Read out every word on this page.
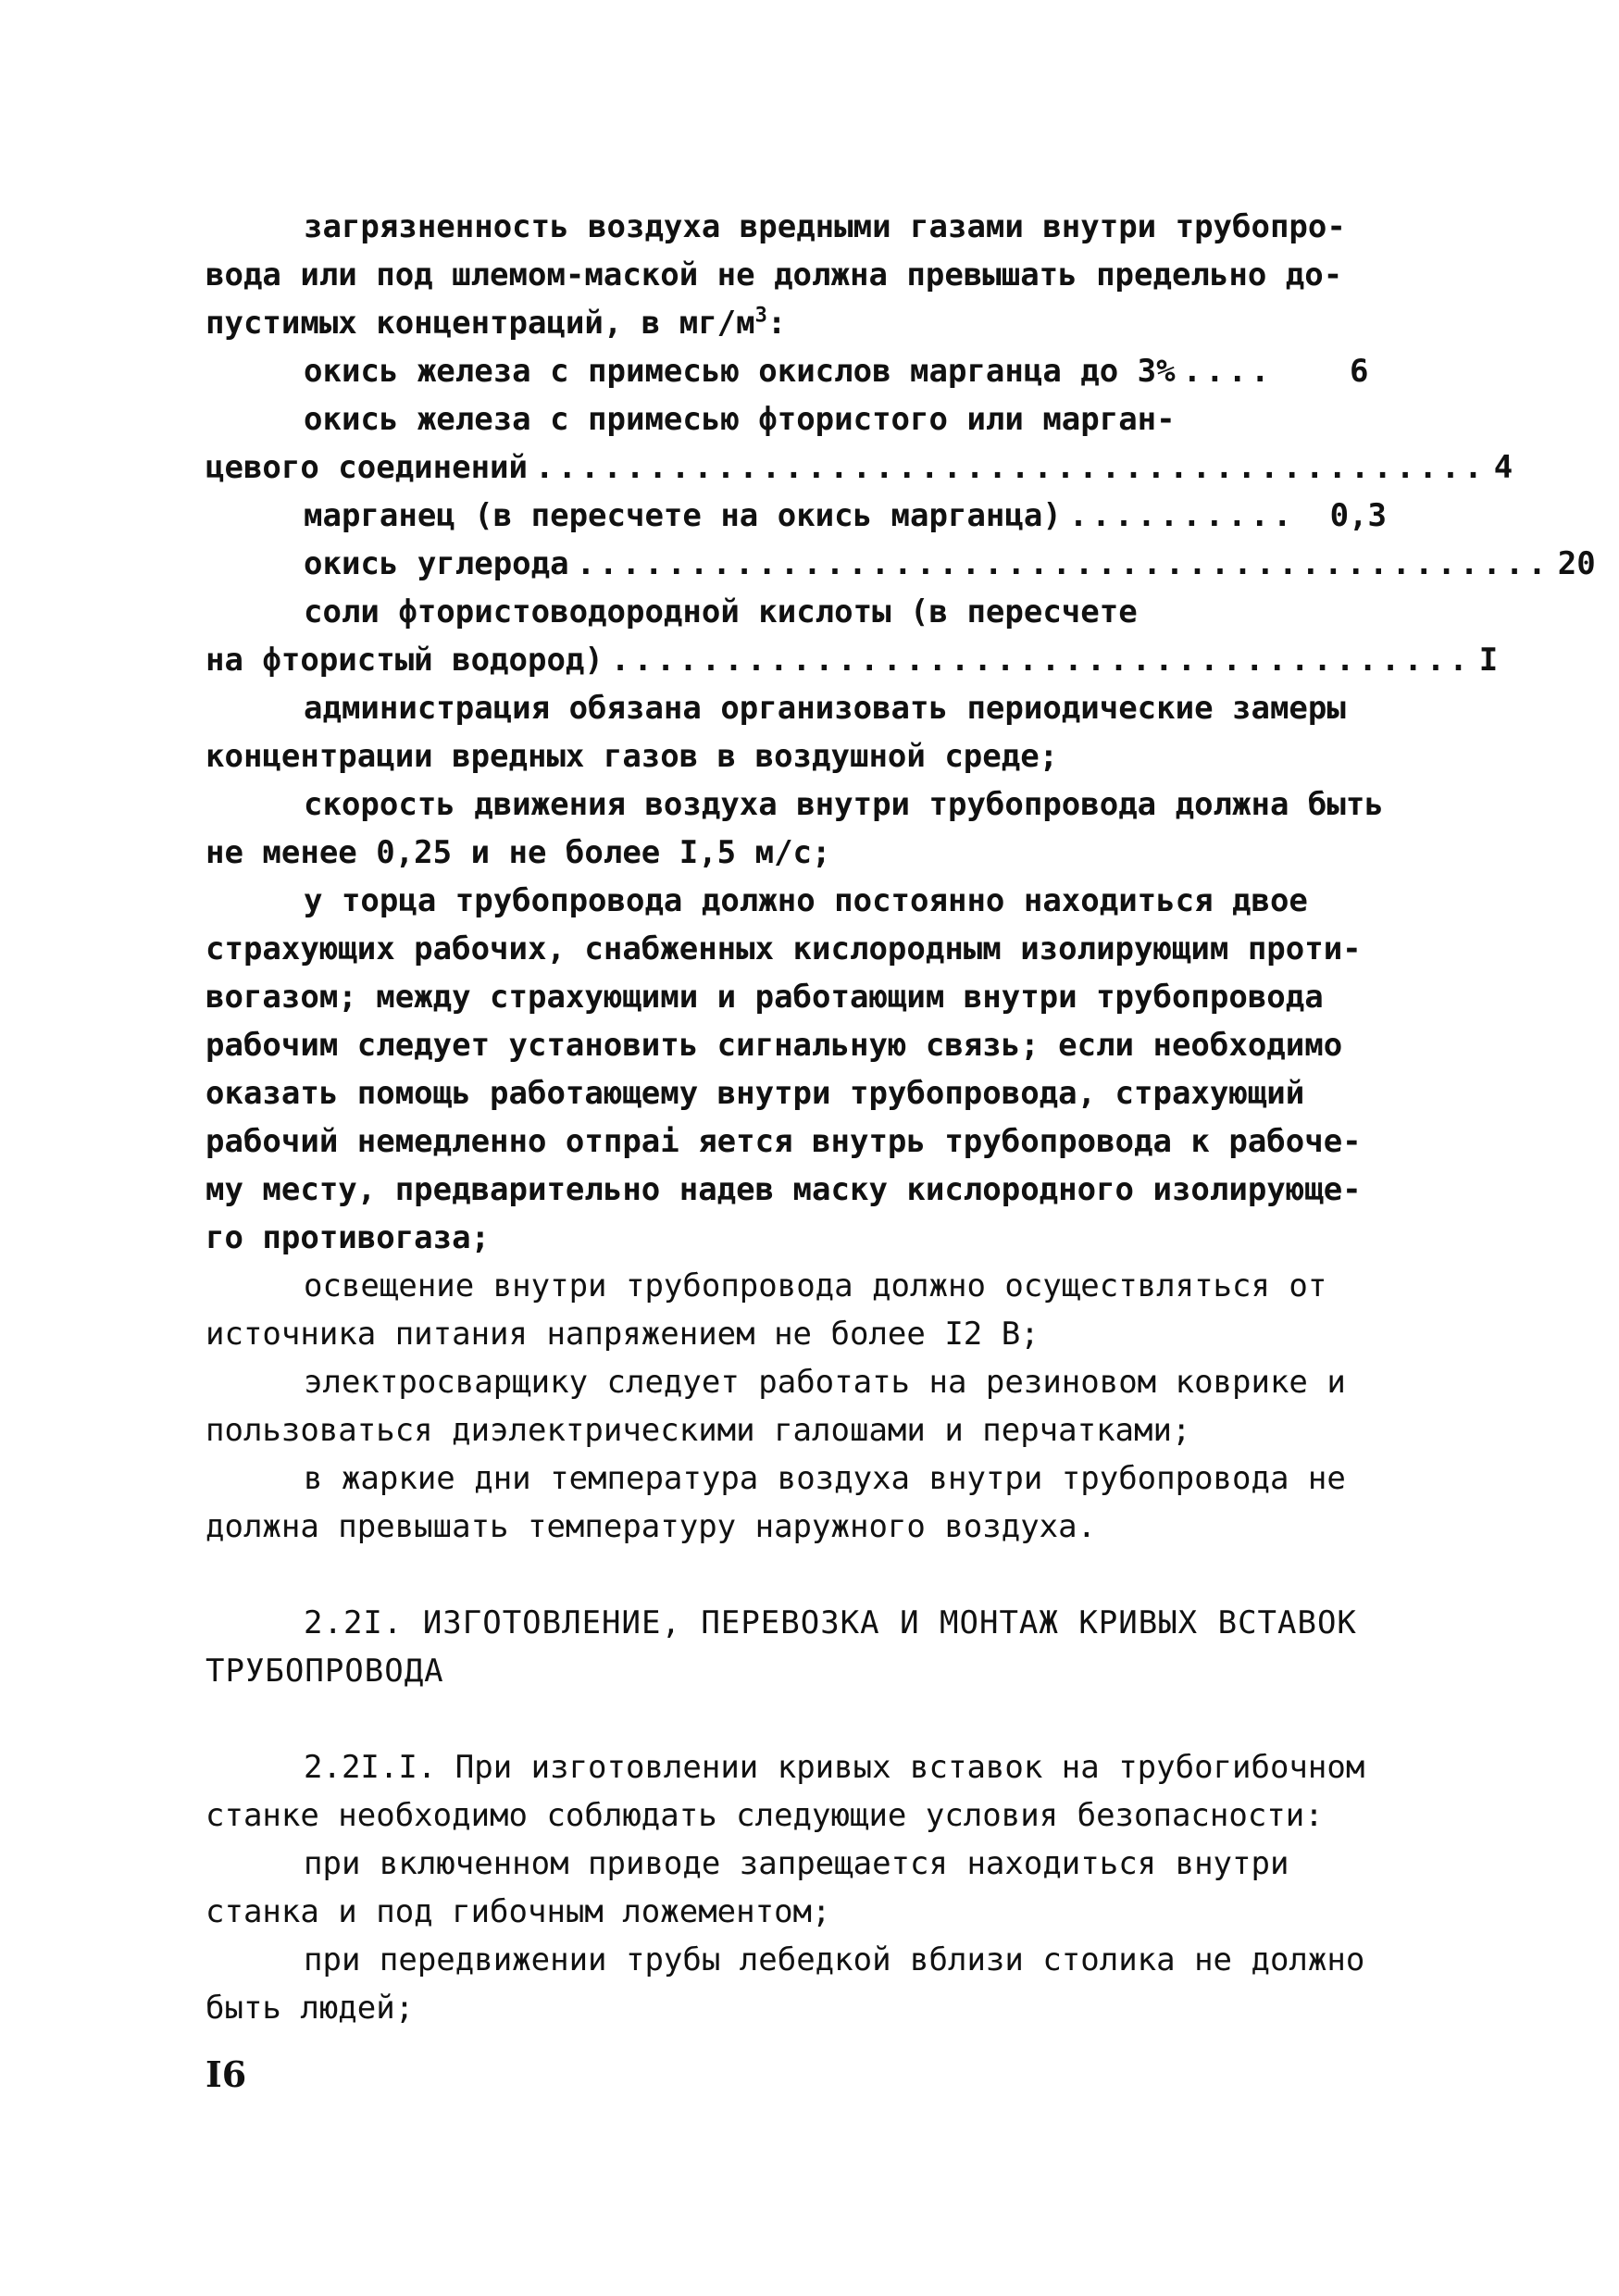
загрязненность воздуха вредными газами внутри трубопро-
вода или под шлемом-маской не должна превышать предельно до-
пустимых концентраций, в $мг/м^3$:
окись железа с примесью окислов марганца до 3% ....	6
окись железа с примесью фтористого или марган-
цевого соединений .......................................... 4
марганец (в пересчете на окись марганца) ..........	0,3
окись углерода ........................................... 20
соли фтористоводородной кислоты (в пересчете
на фтористый водород) ...................................... I
администрация обязана организовать периодические замеры
концентрации вредных газов в воздушной среде;
скорость движения воздуха внутри трубопровода должна быть
не менее 0,25 и не более I,5 м/с;
у торца трубопровода должно постоянно находиться двое
страхующих рабочих, снабженных кислородным изолирующим проти-
вогазом; между страхующими и работающим внутри трубопровода
рабочим следует установить сигнальную связь; если необходимо
оказать помощь работающему внутри трубопровода, страхующий
рабочий немедленно отпраі яется внутрь трубопровода к рабоче-
му месту, предварительно надев маску кислородного изолирующе-
го противогаза;
освещение внутри трубопровода должно осуществляться от
источника питания напряжением не более I2 В;
электросварщику следует работать на резиновом коврике и
пользоваться диэлектрическими галошами и перчатками;
в жаркие дни температура воздуха внутри трубопровода не
должна превышать температуру наружного воздуха.
2.2I. ИЗГОТОВЛЕНИЕ, ПЕРЕВОЗКА И МОНТАЖ КРИВЫХ ВСТАВОК
ТРУБОПРОВОДА
2.2I.I. При изготовлении кривых вставок на трубогибочном
станке необходимо соблюдать следующие условия безопасности:
при включенном приводе запрещается находиться внутри
станка и под гибочным ложементом;
при передвижении трубы лебедкой вблизи столика не должно
быть людей;
I6
